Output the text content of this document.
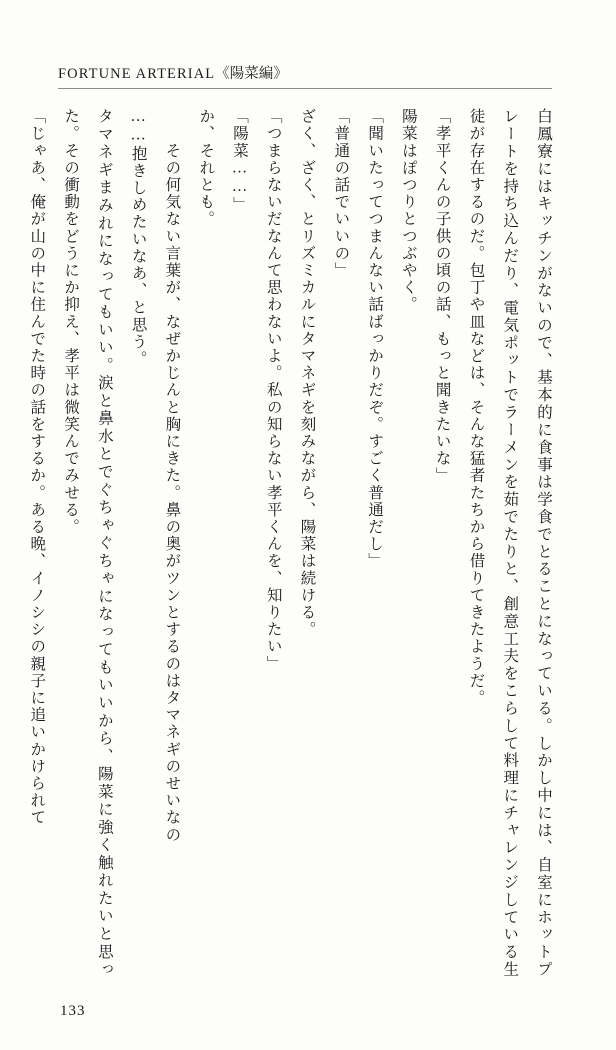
FORTUNE ARTERIAL《陽菜編》

白鳳寮にはキッチンがないので、基本的に食事は学食でとることになっている。しかし中には、自室にホットプレートを持ち込んだり、電気ポットでラーメンを茹でたりと、創意工夫をこらして料理にチャレンジしている生徒が存在するのだ。包丁や皿などは、そんな猛者たちから借りてきたようだ。

「孝平くんの子供の頃の話、もっと聞きたいな」

陽菜はぽつりとつぶやく。

「聞いたってつまんない話ばっかりだぞ。すごく普通だし」

「普通の話でいいの」

ざく、ざく、とリズミカルにタマネギを刻みながら、陽菜は続ける。

「つまらないだなんて思わないよ。私の知らない孝平くんを、知りたい」

「陽菜……」

か、それとも。

　　その何気ない言葉が、なぜかじんと胸にきた。鼻の奥がツンとするのはタマネギのせいなの

……抱きしめたいなあ、と思う。

タマネギまみれになってもいい。涙と鼻水とでぐちゃぐちゃになってもいいから、陽菜に強く触れたいと思った。その衝動をどうにか抑え、孝平は微笑んでみせる。

「じゃあ、俺が山の中に住んでた時の話をするか。ある晩、イノシシの親子に追いかけられて

133
